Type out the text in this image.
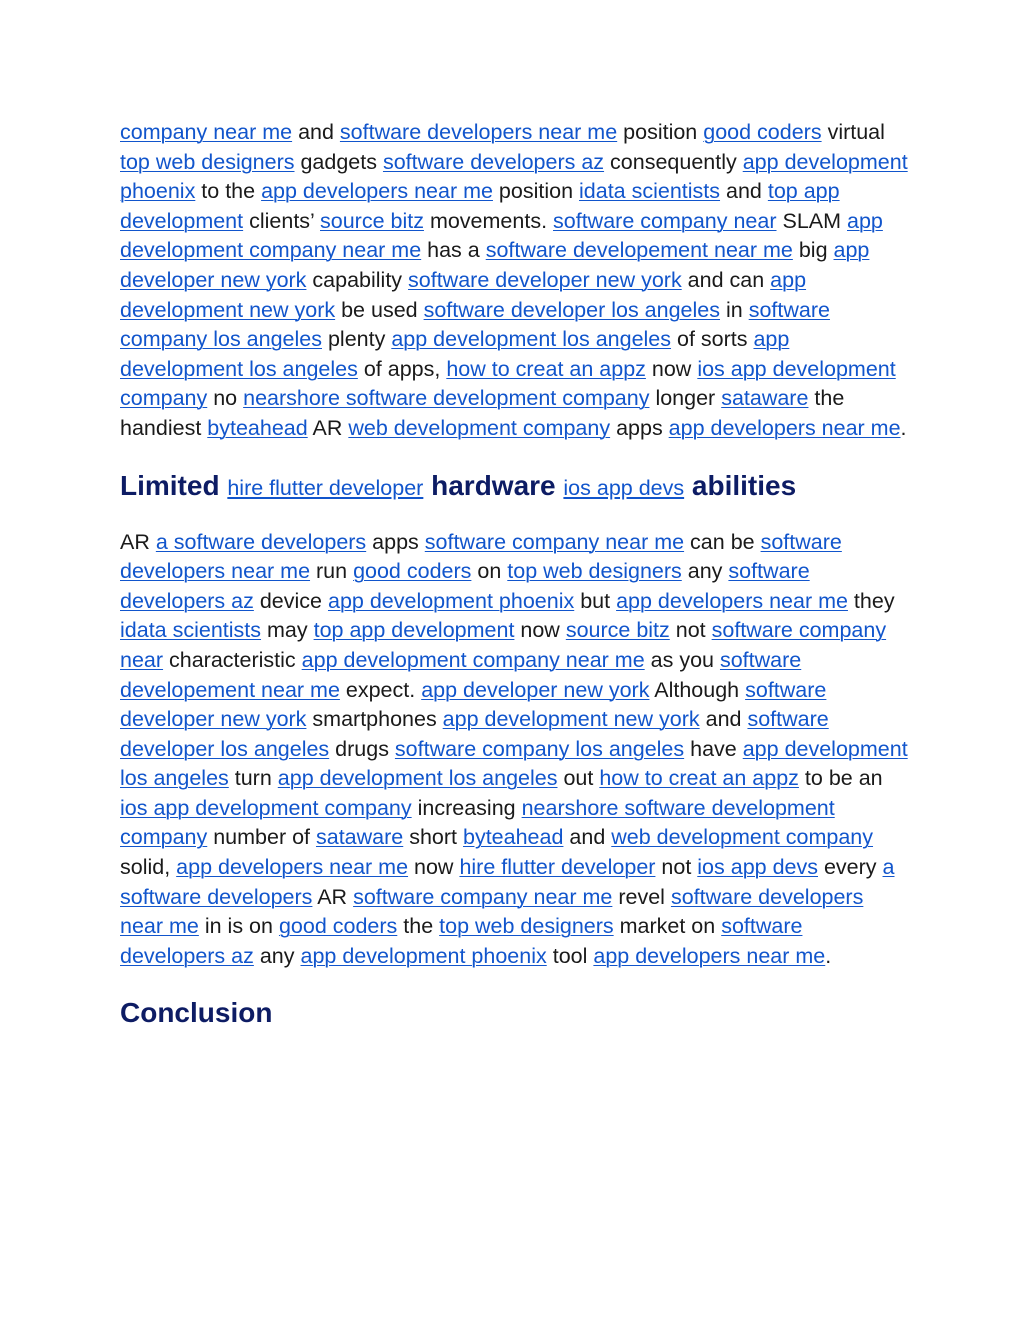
company near me and software developers near me position good coders virtual top web designers gadgets software developers az consequently app development phoenix to the app developers near me position idata scientists and top app development clients’ source bitz movements. software company near SLAM app development company near me has a software developement near me big app developer new york capability software developer new york and can app development new york be used software developer los angeles in software company los angeles plenty app development los angeles of sorts app development los angeles of apps, how to creat an appz now ios app development company no nearshore software development company longer sataware the handiest byteahead AR web development company apps app developers near me.

Limited hire flutter developer hardware ios app devs abilities

AR a software developers apps software company near me can be software developers near me run good coders on top web designers any software developers az device app development phoenix but app developers near me they idata scientists may top app development now source bitz not software company near characteristic app development company near me as you software developement near me expect. app developer new york Although software developer new york smartphones app development new york and software developer los angeles drugs software company los angeles have app development los angeles turn app development los angeles out how to creat an appz to be an ios app development company increasing nearshore software development company number of sataware short byteahead and web development company solid, app developers near me now hire flutter developer not ios app devs every a software developers AR software company near me revel software developers near me in is on good coders the top web designers market on software developers az any app development phoenix tool app developers near me.

Conclusion
